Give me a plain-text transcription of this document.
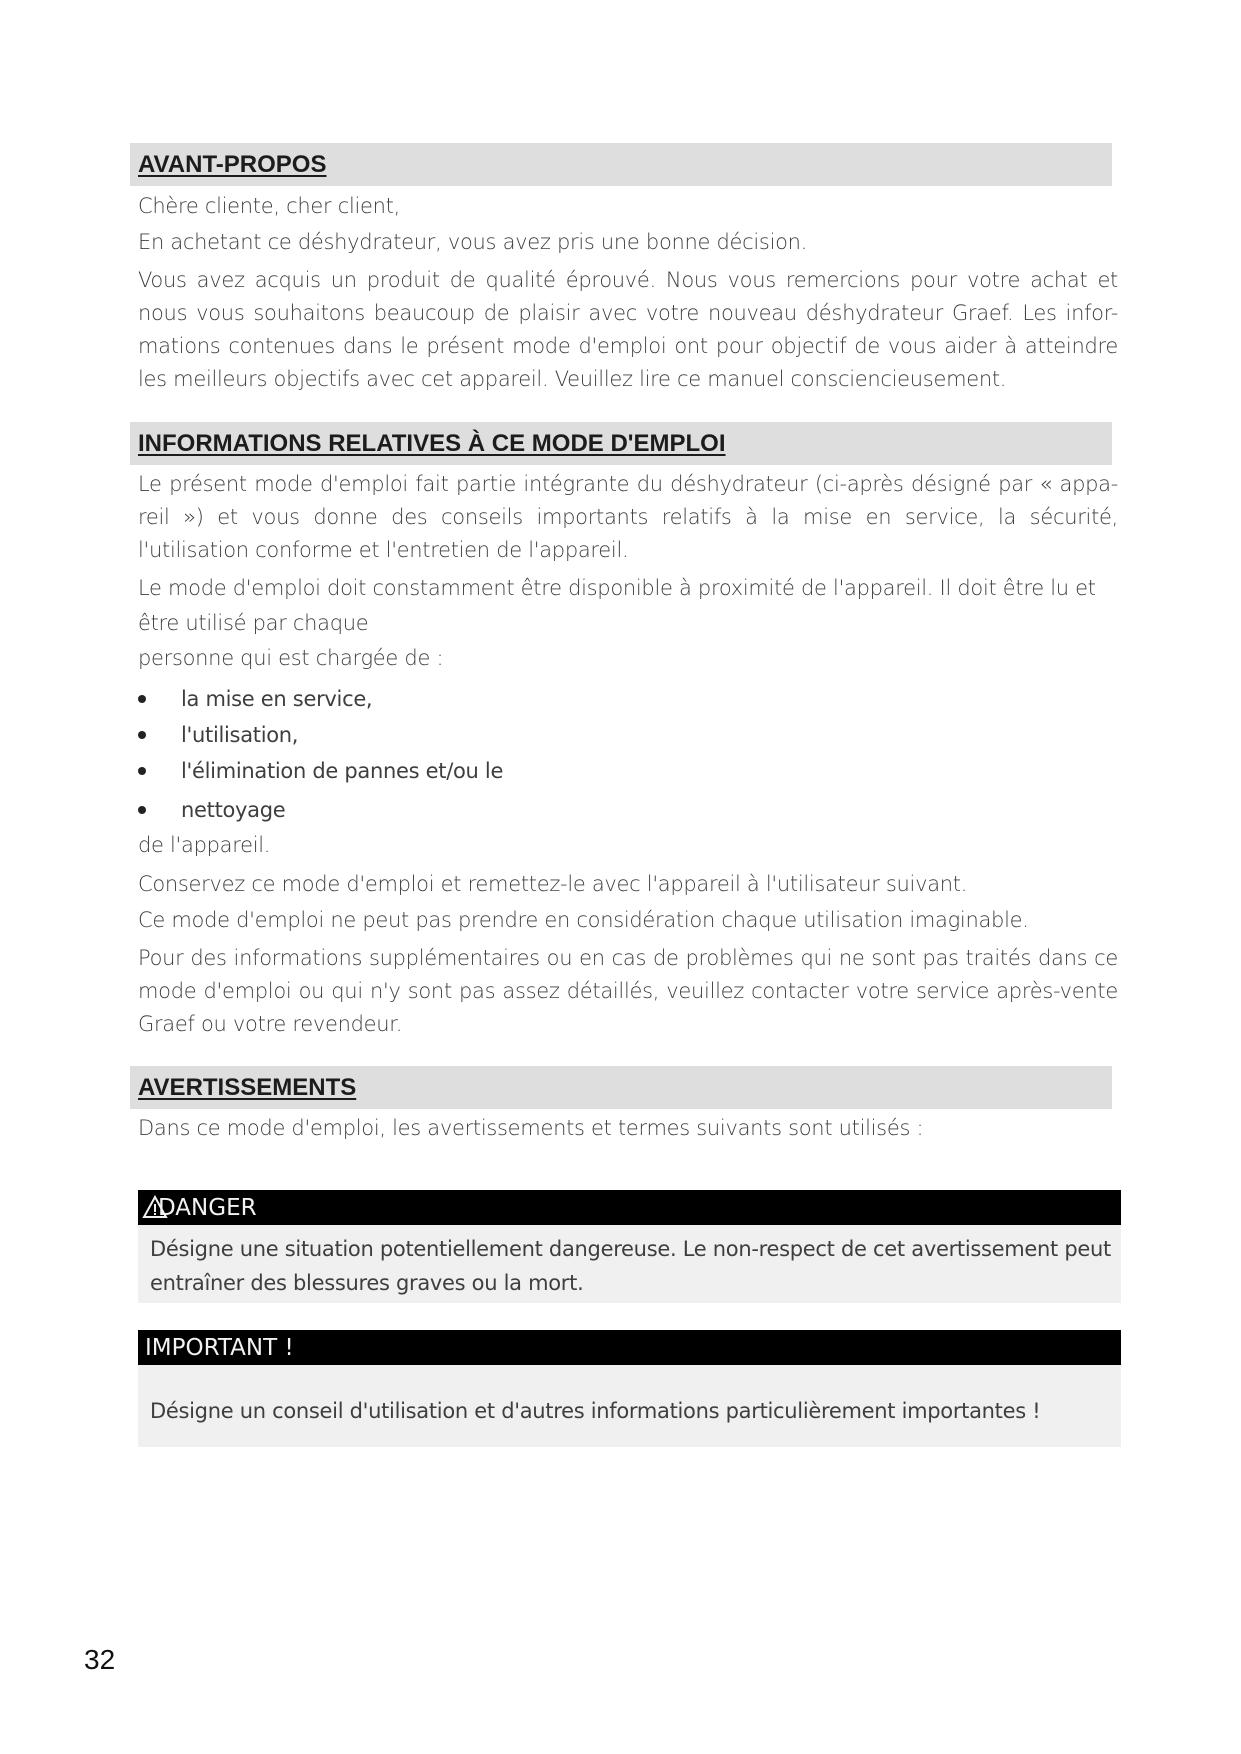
AVANT-PROPOS

Chère cliente, cher client,

En achetant ce déshydrateur, vous avez pris une bonne décision.

Vous avez acquis un produit de qualité éprouvé. Nous vous remercions pour votre achat et nous vous souhaitons beaucoup de plaisir avec votre nouveau déshydrateur Graef. Les infor-mations contenues dans le présent mode d'emploi ont pour objectif de vous aider à atteindre les meilleurs objectifs avec cet appareil. Veuillez lire ce manuel consciencieusement.

INFORMATIONS RELATIVES À CE MODE D'EMPLOI

Le présent mode d'emploi fait partie intégrante du déshydrateur (ci-après désigné par « appa-reil ») et vous donne des conseils importants relatifs à la mise en service, la sécurité, l'utilisation conforme et l'entretien de l'appareil.

Le mode d'emploi doit constamment être disponible à proximité de l'appareil. Il doit être lu et

être utilisé par chaque

personne qui est chargée de :

la mise en service,
l'utilisation,
l'élimination de pannes et/ou le
nettoyage

de l'appareil.

Conservez ce mode d'emploi et remettez-le avec l'appareil à l'utilisateur suivant.

Ce mode d'emploi ne peut pas prendre en considération chaque utilisation imaginable.

Pour des informations supplémentaires ou en cas de problèmes qui ne sont pas traités dans ce mode d'emploi ou qui n'y sont pas assez détaillés, veuillez contacter votre service après-vente Graef ou votre revendeur.

AVERTISSEMENTS

Dans ce mode d'emploi, les avertissements et termes suivants sont utilisés :

DANGER

Désigne une situation potentiellement dangereuse. Le non-respect de cet avertissement peut entraîner des blessures graves ou la mort.

IMPORTANT !

Désigne un conseil d'utilisation et d'autres informations particulièrement importantes !

32
